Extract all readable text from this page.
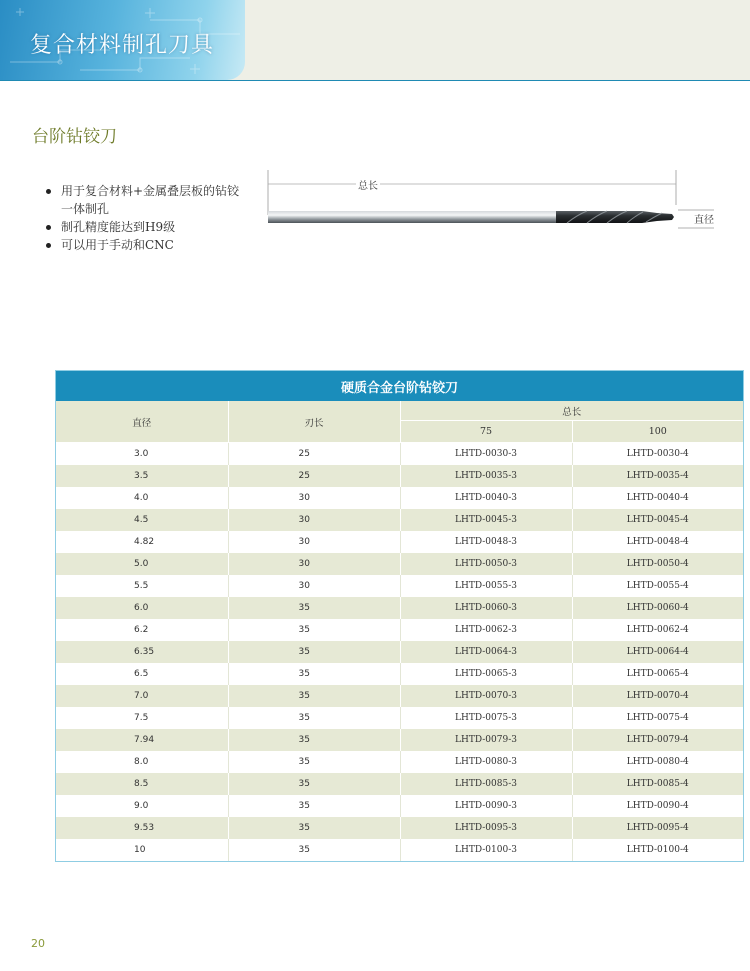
复合材料制孔刀具
台阶钻铰刀
用于复合材料+金属叠层板的钻铰一体制孔
制孔精度能达到H9级
可以用于手动和CNC
总长
直径
硬质合金台阶钻铰刀			
直径	刃长	总长	
		75	100
3.0	25	LHTD-0030-3	LHTD-0030-4
3.5	25	LHTD-0035-3	LHTD-0035-4
4.0	30	LHTD-0040-3	LHTD-0040-4
4.5	30	LHTD-0045-3	LHTD-0045-4
4.82	30	LHTD-0048-3	LHTD-0048-4
5.0	30	LHTD-0050-3	LHTD-0050-4
5.5	30	LHTD-0055-3	LHTD-0055-4
6.0	35	LHTD-0060-3	LHTD-0060-4
6.2	35	LHTD-0062-3	LHTD-0062-4
6.35	35	LHTD-0064-3	LHTD-0064-4
6.5	35	LHTD-0065-3	LHTD-0065-4
7.0	35	LHTD-0070-3	LHTD-0070-4
7.5	35	LHTD-0075-3	LHTD-0075-4
7.94	35	LHTD-0079-3	LHTD-0079-4
8.0	35	LHTD-0080-3	LHTD-0080-4
8.5	35	LHTD-0085-3	LHTD-0085-4
9.0	35	LHTD-0090-3	LHTD-0090-4
9.53	35	LHTD-0095-3	LHTD-0095-4
10	35	LHTD-0100-3	LHTD-0100-4
20
